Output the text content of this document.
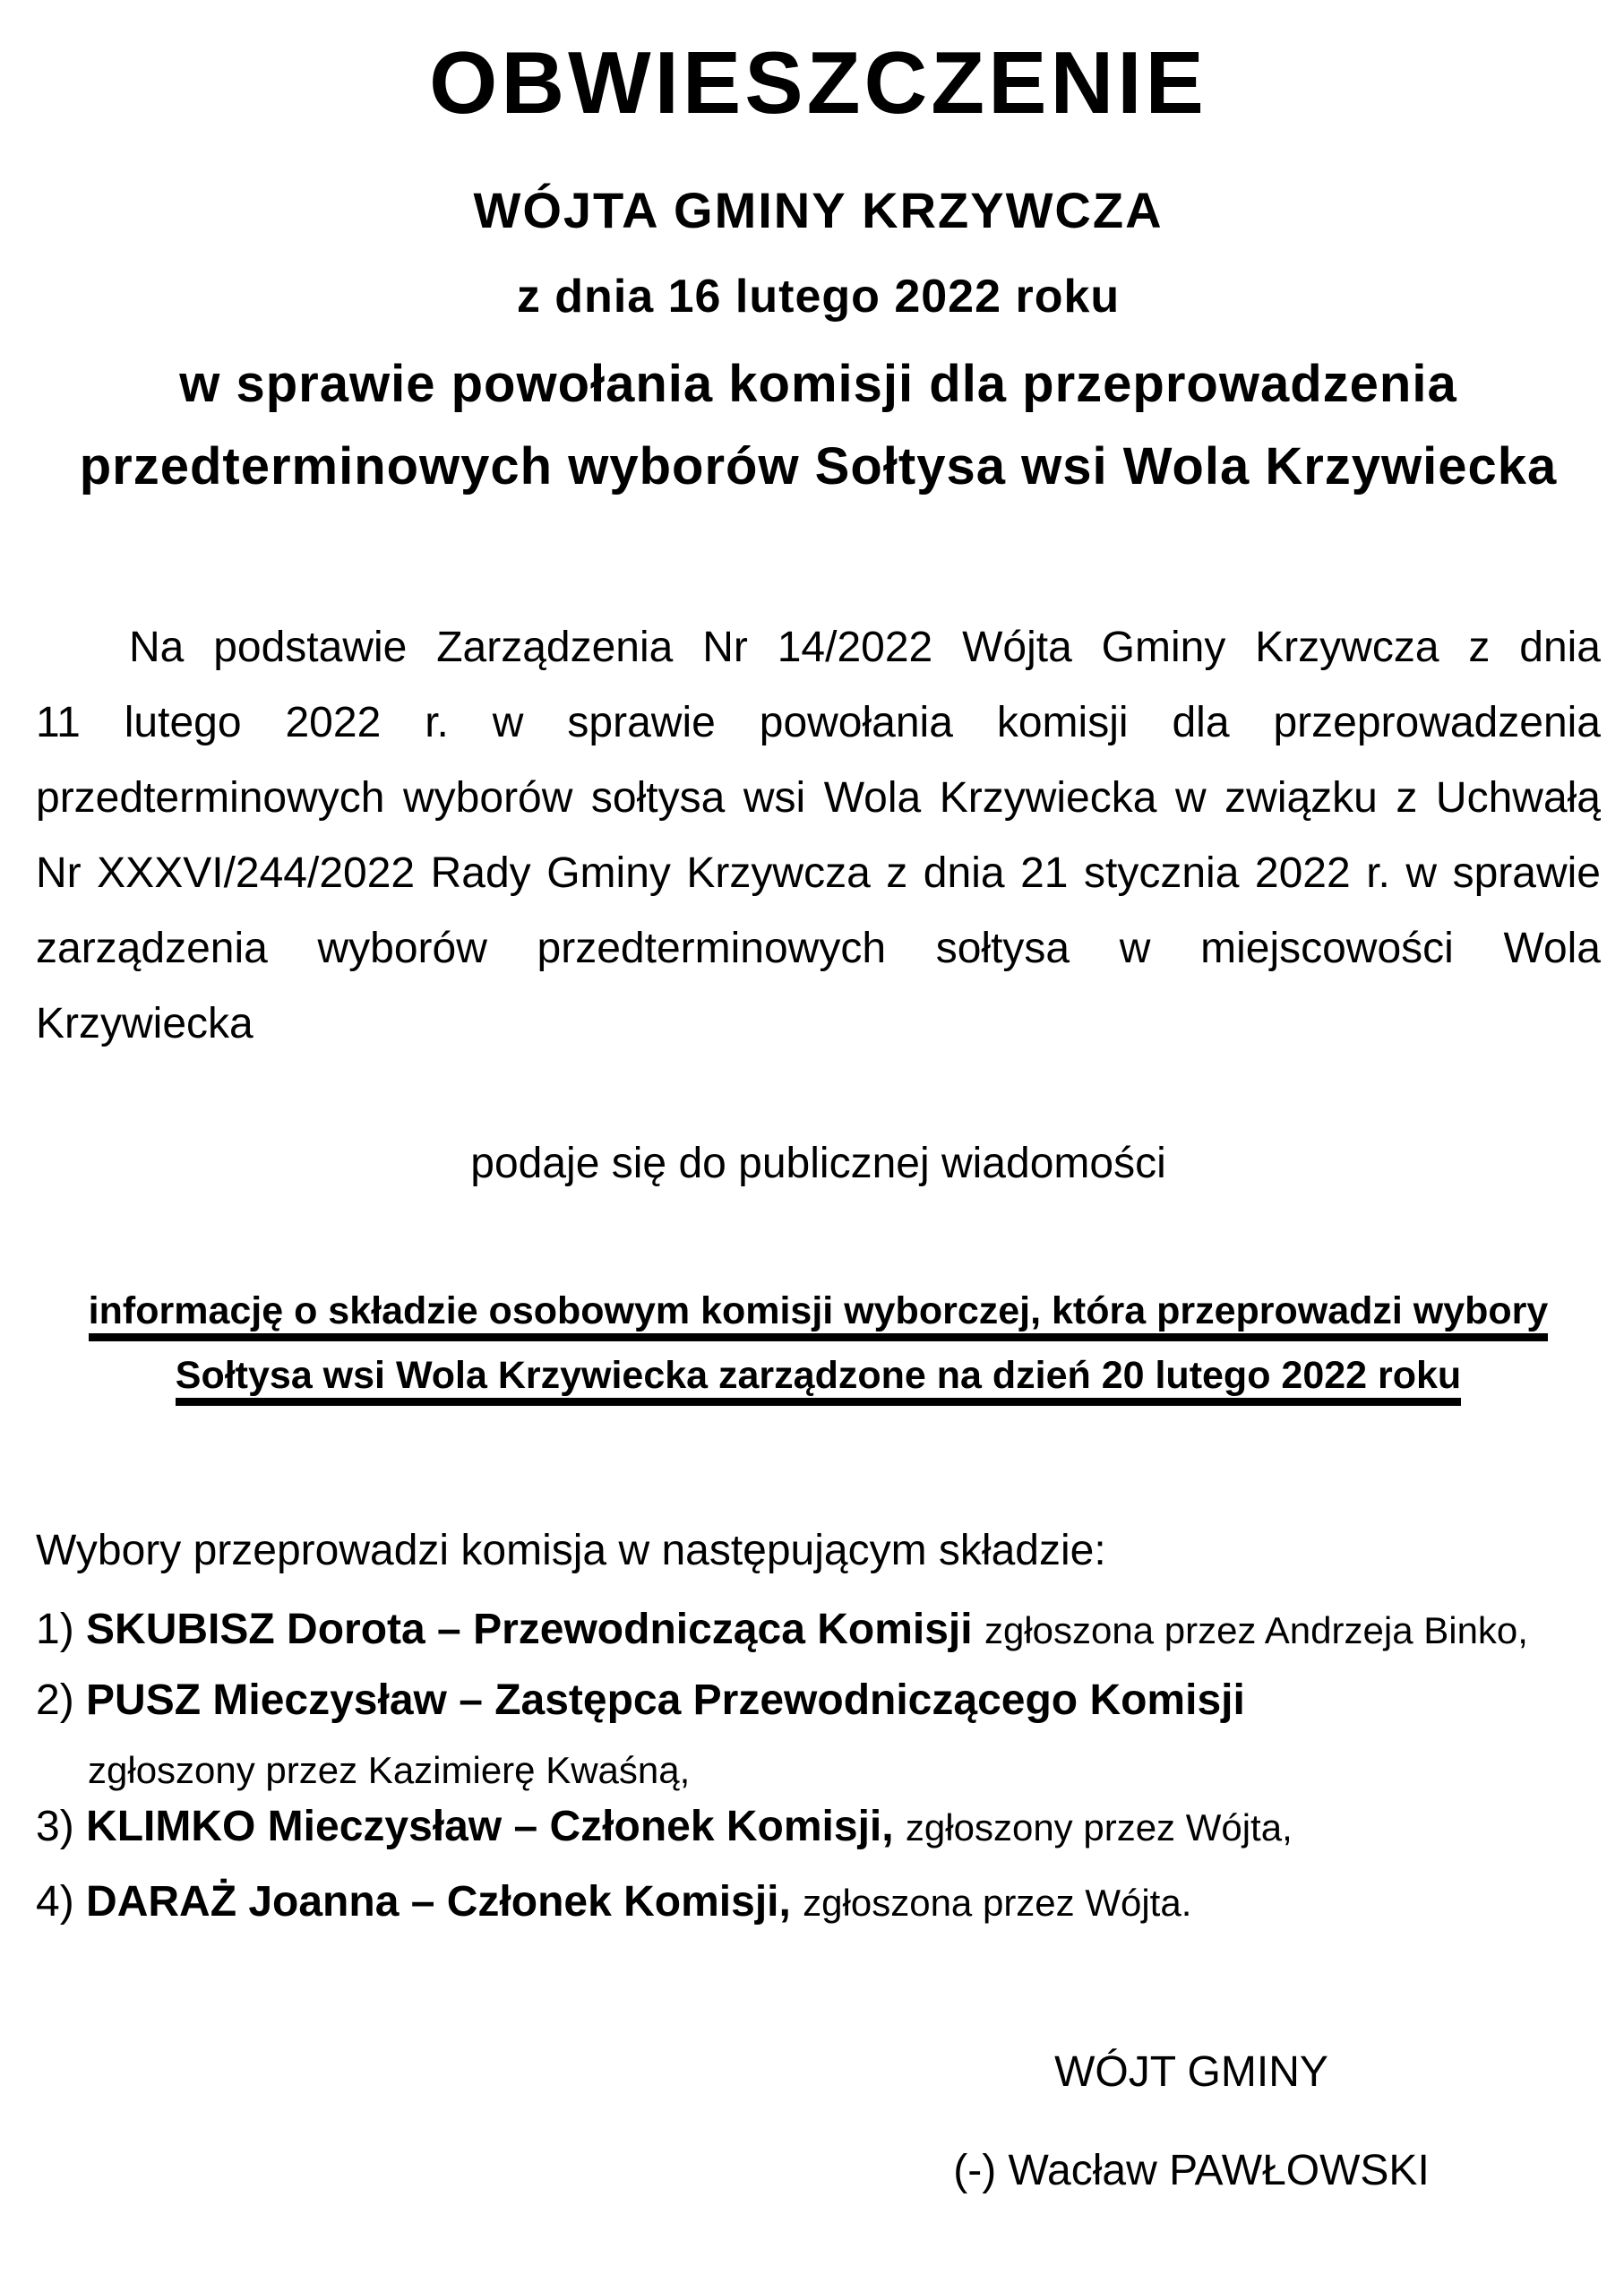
OBWIESZCZENIE
WÓJTA GMINY KRZYWCZA
z dnia 16 lutego 2022 roku
w sprawie powołania komisji dla przeprowadzenia
przedterminowych wyborów Sołtysa wsi Wola Krzywiecka
Na podstawie Zarządzenia Nr 14/2022 Wójta Gminy Krzywcza z dnia
11 lutego 2022 r. w sprawie powołania komisji dla przeprowadzenia
przedterminowych wyborów sołtysa wsi Wola Krzywiecka w związku z Uchwałą
Nr XXXVI/244/2022 Rady Gminy Krzywcza z dnia 21 stycznia 2022 r. w sprawie
zarządzenia wyborów przedterminowych sołtysa w miejscowości Wola
Krzywiecka
podaje się do publicznej wiadomości
informację o składzie osobowym komisji wyborczej, która przeprowadzi wybory
Sołtysa wsi Wola Krzywiecka zarządzone na dzień 20 lutego 2022 roku
Wybory przeprowadzi komisja w następującym składzie:
1) SKUBISZ Dorota – Przewodnicząca Komisji zgłoszona przez Andrzeja Binko,
2) PUSZ Mieczysław – Zastępca Przewodniczącego Komisji
zgłoszony przez Kazimierę Kwaśną,
3) KLIMKO Mieczysław – Członek Komisji, zgłoszony przez Wójta,
4) DARAŻ Joanna – Członek Komisji, zgłoszona przez Wójta.
WÓJT GMINY
(-) Wacław PAWŁOWSKI
